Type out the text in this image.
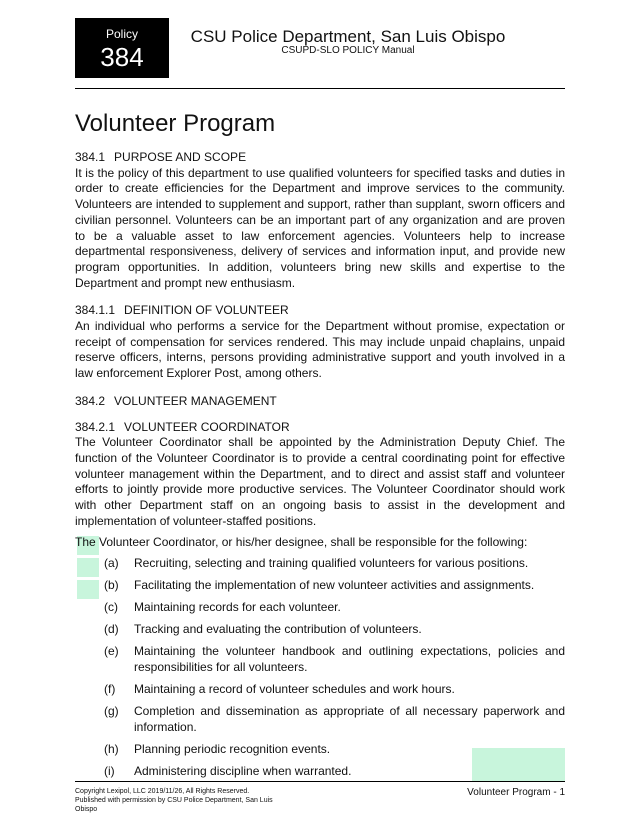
Policy
384
CSU Police Department, San Luis Obispo
CSUPD-SLO POLICY Manual
Volunteer Program
384.1 PURPOSE AND SCOPE

It is the policy of this department to use qualified volunteers for specified tasks and duties in order to create efficiencies for the Department and improve services to the community. Volunteers are intended to supplement and support, rather than supplant, sworn officers and civilian personnel. Volunteers can be an important part of any organization and are proven to be a valuable asset to law enforcement agencies. Volunteers help to increase departmental responsiveness, delivery of services and information input, and provide new program opportunities. In addition, volunteers bring new skills and expertise to the Department and prompt new enthusiasm.

384.1.1 DEFINITION OF VOLUNTEER

An individual who performs a service for the Department without promise, expectation or receipt of compensation for services rendered. This may include unpaid chaplains, unpaid reserve officers, interns, persons providing administrative support and youth involved in a law enforcement Explorer Post, among others.

384.2 VOLUNTEER MANAGEMENT
384.2.1 VOLUNTEER COORDINATOR

The Volunteer Coordinator shall be appointed by the Administration Deputy Chief. The function of the Volunteer Coordinator is to provide a central coordinating point for effective volunteer management within the Department, and to direct and assist staff and volunteer efforts to jointly provide more productive services. The Volunteer Coordinator should work with other Department staff on an ongoing basis to assist in the development and implementation of volunteer-staffed positions.

The Volunteer Coordinator, or his/her designee, shall be responsible for the following:

(a) Recruiting, selecting and training qualified volunteers for various positions.
(b) Facilitating the implementation of new volunteer activities and assignments.
(c) Maintaining records for each volunteer.
(d) Tracking and evaluating the contribution of volunteers.
(e) Maintaining the volunteer handbook and outlining expectations, policies and responsibilities for all volunteers.
(f) Maintaining a record of volunteer schedules and work hours.
(g) Completion and dissemination as appropriate of all necessary paperwork and information.
(h) Planning periodic recognition events.
(i) Administering discipline when warranted.
Copyright Lexipol, LLC 2019/11/26, All Rights Reserved. Published with permission by CSU Police Department, San Luis Obispo
Volunteer Program - 1
